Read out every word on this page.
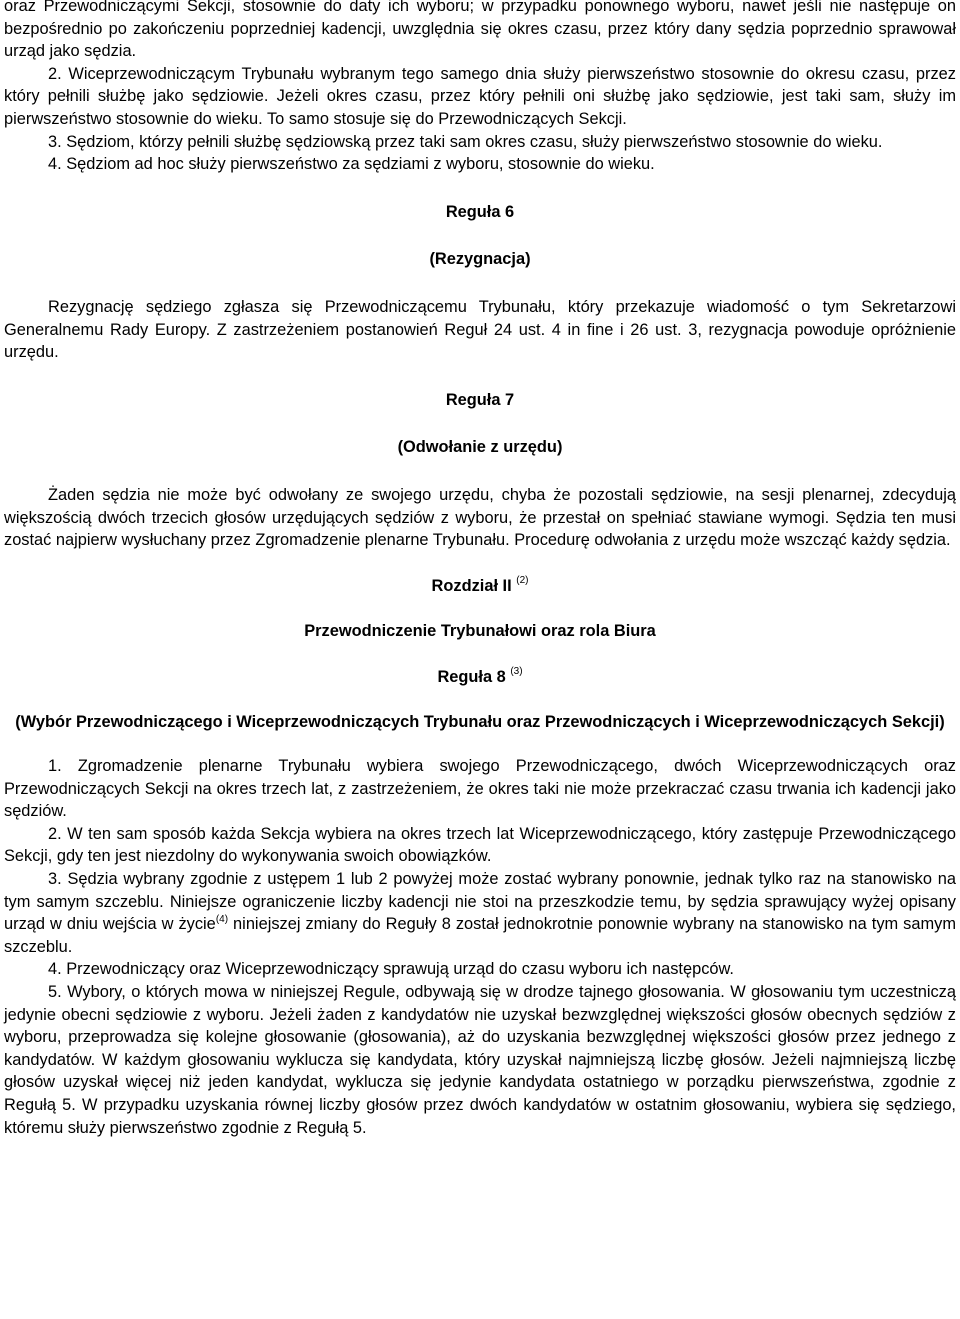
oraz Przewodniczącymi Sekcji, stosownie do daty ich wyboru; w przypadku ponownego wyboru, nawet jeśli nie następuje on bezpośrednio po zakończeniu poprzedniej kadencji, uwzględnia się okres czasu, przez który dany sędzia poprzednio sprawował urząd jako sędzia.

2. Wiceprzewodniczącym Trybunału wybranym tego samego dnia służy pierwszeństwo stosownie do okresu czasu, przez który pełnili służbę jako sędziowie. Jeżeli okres czasu, przez który pełnili oni służbę jako sędziowie, jest taki sam, służy im pierwszeństwo stosownie do wieku. To samo stosuje się do Przewodniczących Sekcji.

3. Sędziom, którzy pełnili służbę sędziowską przez taki sam okres czasu, służy pierwszeństwo stosownie do wieku.

4. Sędziom ad hoc służy pierwszeństwo za sędziami z wyboru, stosownie do wieku.

Reguła 6

(Rezygnacja)

Rezygnację sędziego zgłasza się Przewodniczącemu Trybunału, który przekazuje wiadomość o tym Sekretarzowi Generalnemu Rady Europy. Z zastrzeżeniem postanowień Reguł 24 ust. 4 in fine i 26 ust. 3, rezygnacja powoduje opróżnienie urzędu.

Reguła 7

(Odwołanie z urzędu)

Żaden sędzia nie może być odwołany ze swojego urzędu, chyba że pozostali sędziowie, na sesji plenarnej, zdecydują większością dwóch trzecich głosów urzędujących sędziów z wyboru, że przestał on spełniać stawiane wymogi. Sędzia ten musi zostać najpierw wysłuchany przez Zgromadzenie plenarne Trybunału. Procedurę odwołania z urzędu może wszcząć każdy sędzia.

Rozdział II $^{(2)}$

Przewodniczenie Trybunałowi oraz rola Biura

Reguła 8 $^{(3)}$

(Wybór Przewodniczącego i Wiceprzewodniczących Trybunału oraz Przewodniczących i Wiceprzewodniczących Sekcji)

1. Zgromadzenie plenarne Trybunału wybiera swojego Przewodniczącego, dwóch Wiceprzewodniczących oraz Przewodniczących Sekcji na okres trzech lat, z zastrzeżeniem, że okres taki nie może przekraczać czasu trwania ich kadencji jako sędziów.

2. W ten sam sposób każda Sekcja wybiera na okres trzech lat Wiceprzewodniczącego, który zastępuje Przewodniczącego Sekcji, gdy ten jest niezdolny do wykonywania swoich obowiązków.

3. Sędzia wybrany zgodnie z ustępem 1 lub 2 powyżej może zostać wybrany ponownie, jednak tylko raz na stanowisko na tym samym szczeblu. Niniejsze ograniczenie liczby kadencji nie stoi na przeszkodzie temu, by sędzia sprawujący wyżej opisany urząd w dniu wejścia w życie$^{(4)}$ niniejszej zmiany do Reguły 8 został jednokrotnie ponownie wybrany na stanowisko na tym samym szczeblu.

4. Przewodniczący oraz Wiceprzewodniczący sprawują urząd do czasu wyboru ich następców.

5. Wybory, o których mowa w niniejszej Regule, odbywają się w drodze tajnego głosowania. W głosowaniu tym uczestniczą jedynie obecni sędziowie z wyboru. Jeżeli żaden z kandydatów nie uzyskał bezwzględnej większości głosów obecnych sędziów z wyboru, przeprowadza się kolejne głosowanie (głosowania), aż do uzyskania bezwzględnej większości głosów przez jednego z kandydatów. W każdym głosowaniu wyklucza się kandydata, który uzyskał najmniejszą liczbę głosów. Jeżeli najmniejszą liczbę głosów uzyskał więcej niż jeden kandydat, wyklucza się jedynie kandydata ostatniego w porządku pierwszeństwa, zgodnie z Regułą 5. W przypadku uzyskania równej liczby głosów przez dwóch kandydatów w ostatnim głosowaniu, wybiera się sędziego, któremu służy pierwszeństwo zgodnie z Regułą 5.
